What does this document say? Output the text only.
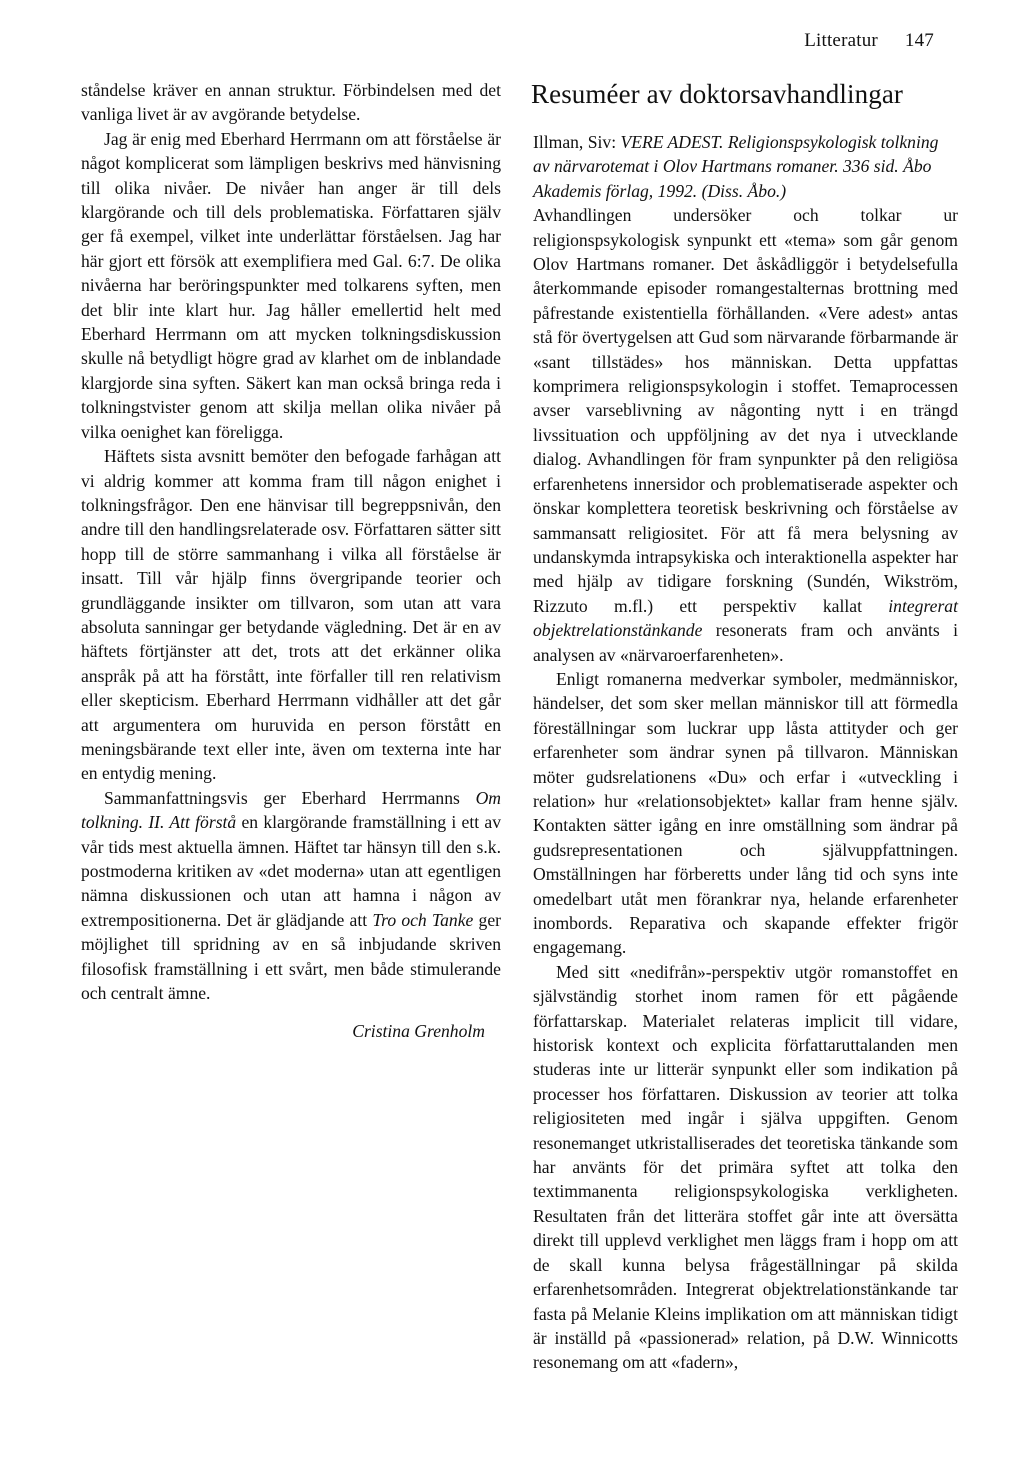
Litteratur 147

ståndelse kräver en annan struktur. Förbindelsen med det vanliga livet är av avgörande betydelse.

Jag är enig med Eberhard Herrmann om att förståelse är något komplicerat som lämpligen beskrivs med hänvisning till olika nivåer. De nivåer han anger är till dels klargörande och till dels problematiska. Författaren själv ger få exempel, vilket inte underlättar förståelsen. Jag har här gjort ett försök att exemplifiera med Gal. 6:7. De olika nivåerna har beröringspunkter med tolkarens syften, men det blir inte klart hur. Jag håller emellertid helt med Eberhard Herrmann om att mycken tolkningsdiskussion skulle nå betydligt högre grad av klarhet om de inblandade klargjorde sina syften. Säkert kan man också bringa reda i tolkningstvister genom att skilja mellan olika nivåer på vilka oenighet kan föreligga.

Häftets sista avsnitt bemöter den befogade farhågan att vi aldrig kommer att komma fram till någon enighet i tolkningsfrågor. Den ene hänvisar till begreppsnivån, den andre till den handlingsrelaterade osv. Författaren sätter sitt hopp till de större sammanhang i vilka all förståelse är insatt. Till vår hjälp finns övergripande teorier och grundläggande insikter om tillvaron, som utan att vara absoluta sanningar ger betydande vägledning. Det är en av häftets förtjänster att det, trots att det erkänner olika anspråk på att ha förstått, inte förfaller till ren relativism eller skepticism. Eberhard Herrmann vidhåller att det går att argumentera om huruvida en person förstått en meningsbärande text eller inte, även om texterna inte har en entydig mening.

Sammanfattningsvis ger Eberhard Herrmanns Om tolkning. II. Att förstå en klargörande framställning i ett av vår tids mest aktuella ämnen. Häftet tar hänsyn till den s.k. postmoderna kritiken av «det moderna» utan att egentligen nämna diskussionen och utan att hamna i någon av extrempositionerna. Det är glädjande att Tro och Tanke ger möjlighet till spridning av en så inbjudande skriven filosofisk framställning i ett svårt, men både stimulerande och centralt ämne.

Cristina Grenholm
Resuméer av doktorsavhandlingar

Illman, Siv: VERE ADEST. Religionspsykologisk tolkning av närvarotemat i Olov Hartmans romaner. 336 sid. Åbo Akademis förlag, 1992. (Diss. Åbo.)

Avhandlingen undersöker och tolkar ur religionspsykologisk synpunkt ett «tema» som går genom Olov Hartmans romaner. Det åskådliggör i betydelsefulla återkommande episoder romangestalternas brottning med påfrestande existentiella förhållanden. «Vere adest» antas stå för övertygelsen att Gud som närvarande förbarmande är «sant tillstädes» hos människan. Detta uppfattas komprimera religionspsykologin i stoffet. Temaprocessen avser varseblivning av någonting nytt i en trängd livssituation och uppföljning av det nya i utvecklande dialog. Avhandlingen för fram synpunkter på den religiösa erfarenhetens innersidor och problematiserade aspekter och önskar komplettera teoretisk beskrivning och förståelse av sammansatt religiositet. För att få mera belysning av undanskymda intrapsykiska och interaktionella aspekter har med hjälp av tidigare forskning (Sundén, Wikström, Rizzuto m.fl.) ett perspektiv kallat integrerat objektrelationstänkande resonerats fram och använts i analysen av «närvaroerfarenheten».

Enligt romanerna medverkar symboler, medmänniskor, händelser, det som sker mellan människor till att förmedla föreställningar som luckrar upp låsta attityder och ger erfarenheter som ändrar synen på tillvaron. Människan möter gudsrelationens «Du» och erfar i «utveckling i relation» hur «relationsobjektet» kallar fram henne själv. Kontakten sätter igång en inre omställning som ändrar på gudsrepresentationen och självuppfattningen. Omställningen har förberetts under lång tid och syns inte omedelbart utåt men förankrar nya, helande erfarenheter inombords. Reparativa och skapande effekter frigör engagemang.

Med sitt «nedifrån»-perspektiv utgör romanstoffet en självständig storhet inom ramen för ett pågående författarskap. Materialet relateras implicit till vidare, historisk kontext och explicita författaruttalanden men studeras inte ur litterär synpunkt eller som indikation på processer hos författaren. Diskussion av teorier att tolka religiositeten med ingår i själva uppgiften. Genom resonemanget utkristalliserades det teoretiska tänkande som har använts för det primära syftet att tolka den textimmanenta religionspsykologiska verkligheten. Resultaten från det litterära stoffet går inte att översätta direkt till upplevd verklighet men läggs fram i hopp om att de skall kunna belysa frågeställningar på skilda erfarenhetsområden. Integrerat objektrelationstänkande tar fasta på Melanie Kleins implikation om att människan tidigt är inställd på «passionerad» relation, på D.W. Winnicotts resonemang om att «fadern»,
